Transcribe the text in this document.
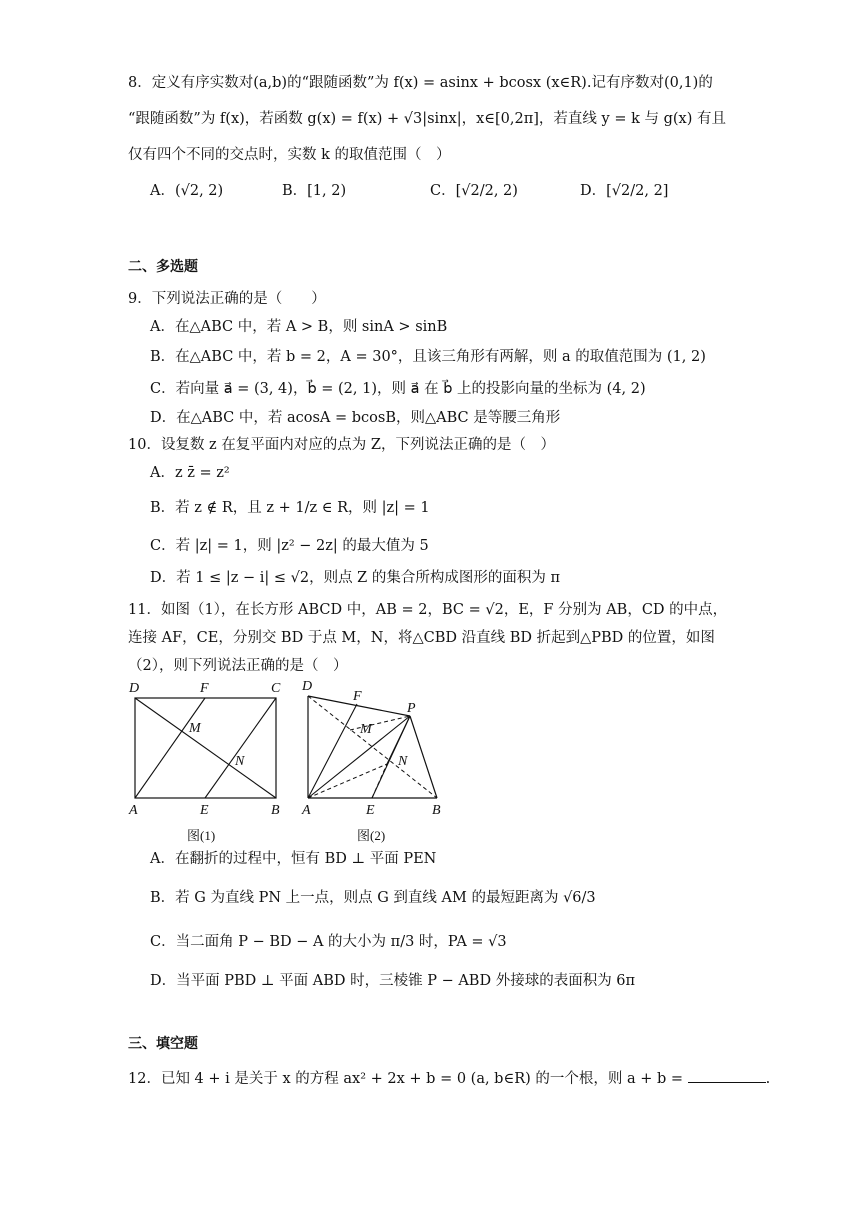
8．定义有序实数对(a,b)的“跟随函数”为 f(x) = asinx + bcosx (x∈R).记有序数对(0,1)的
“跟随函数”为 f(x)，若函数 g(x) = f(x) + √3|sinx|，x∈[0,2π]，若直线 y = k 与 g(x) 有且
仅有四个不同的交点时，实数 k 的取值范围（　）
A．(√2, 2)	B．[1, 2)	C．[√2/2, 2)	D．[√2/2, 2]
二、多选题
9．下列说法正确的是（　　）
A．在△ABC 中，若 A > B，则 sinA > sinB
B．在△ABC 中，若 b = 2，A = 30°，且该三角形有两解，则 a 的取值范围为 (1, 2)
C．若向量 a⃗ = (3, 4)，b⃗ = (2, 1)，则 a⃗ 在 b⃗ 上的投影向量的坐标为 (4, 2)
D．在△ABC 中，若 acosA = bcosB，则△ABC 是等腰三角形
10．设复数 z 在复平面内对应的点为 Z，下列说法正确的是（　）
A．z z̄ = z²
B．若 z ∉ R，且 z + 1/z ∈ R，则 |z| = 1
C．若 |z| = 1，则 |z² − 2z| 的最大值为 5
D．若 1 ≤ |z − i| ≤ √2，则点 Z 的集合所构成图形的面积为 π
11．如图（1），在长方形 ABCD 中，AB = 2，BC = √2，E，F 分别为 AB，CD 的中点，
连接 AF，CE，分别交 BD 于点 M，N，将△CBD 沿直线 BD 折起到△PBD 的位置，如图
（2），则下列说法正确的是（　）
D	F	C
M
N
A	E	B
D
F
P
M
N
A	E	B
图(1)	图(2)
A．在翻折的过程中，恒有 BD ⊥ 平面 PEN
B．若 G 为直线 PN 上一点，则点 G 到直线 AM 的最短距离为 √6/3
C．当二面角 P − BD − A 的大小为 π/3 时，PA = √3
D．当平面 PBD ⊥ 平面 ABD 时，三棱锥 P − ABD 外接球的表面积为 6π
三、填空题
12．已知 4 + i 是关于 x 的方程 ax² + 2x + b = 0 (a, b∈R) 的一个根，则 a + b =	.
